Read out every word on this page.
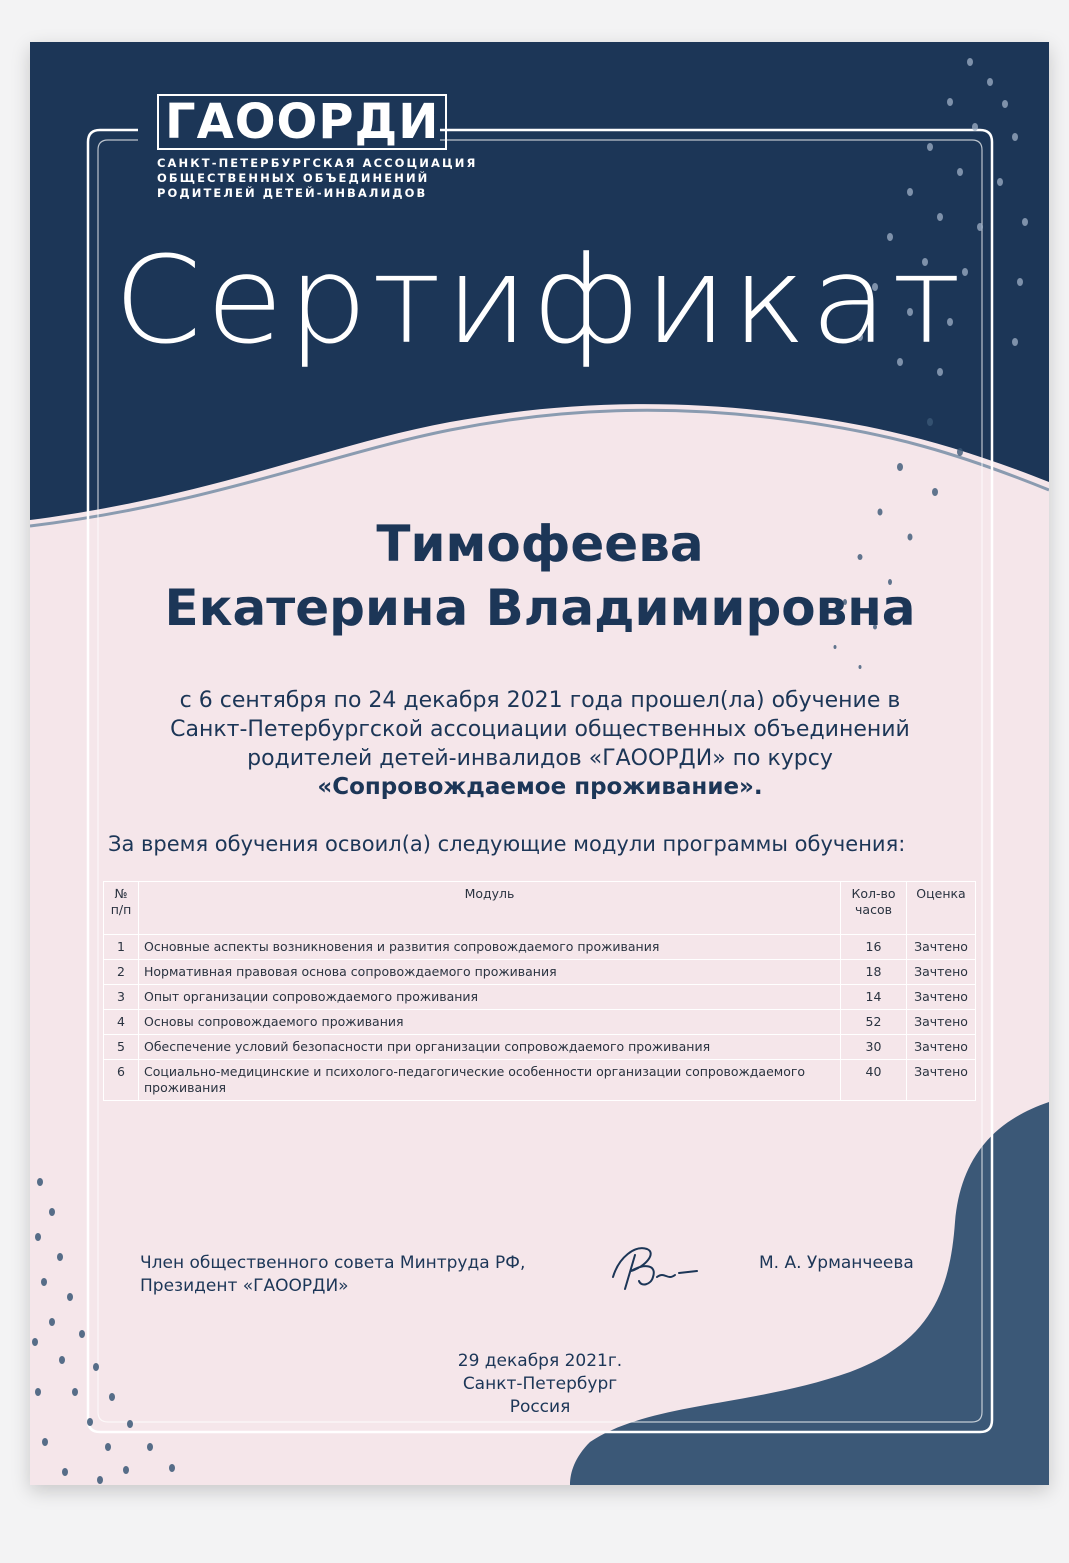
ГАООРДИ
САНКТ-ПЕТЕРБУРГСКАЯ АССОЦИАЦИЯ
ОБЩЕСТВЕННЫХ ОБЪЕДИНЕНИЙ
РОДИТЕЛЕЙ ДЕТЕЙ-ИНВАЛИДОВ
Сертификат
Тимофеева
Екатерина Владимировна
с 6 сентября по 24 декабря 2021 года прошел(ла) обучение в
Санкт-Петербургской ассоциации общественных объединений
родителей детей-инвалидов «ГАООРДИ» по курсу
«Сопровождаемое проживание».
За время обучения освоил(а) следующие модули программы обучения:
№ п/п	Модуль	Кол-во часов	Оценка
1	Основные аспекты возникновения и развития сопровождаемого проживания	16	Зачтено
2	Нормативная правовая основа сопровождаемого проживания	18	Зачтено
3	Опыт организации сопровождаемого проживания	14	Зачтено
4	Основы сопровождаемого проживания	52	Зачтено
5	Обеспечение условий безопасности при организации сопровождаемого проживания	30	Зачтено
6	Социально-медицинские и психолого-педагогические особенности организации сопровождаемого проживания	40	Зачтено
Член общественного совета Минтруда РФ,
Президент «ГАООРДИ»
М. А. Урманчеева
29 декабря 2021г.
Санкт-Петербург
Россия
